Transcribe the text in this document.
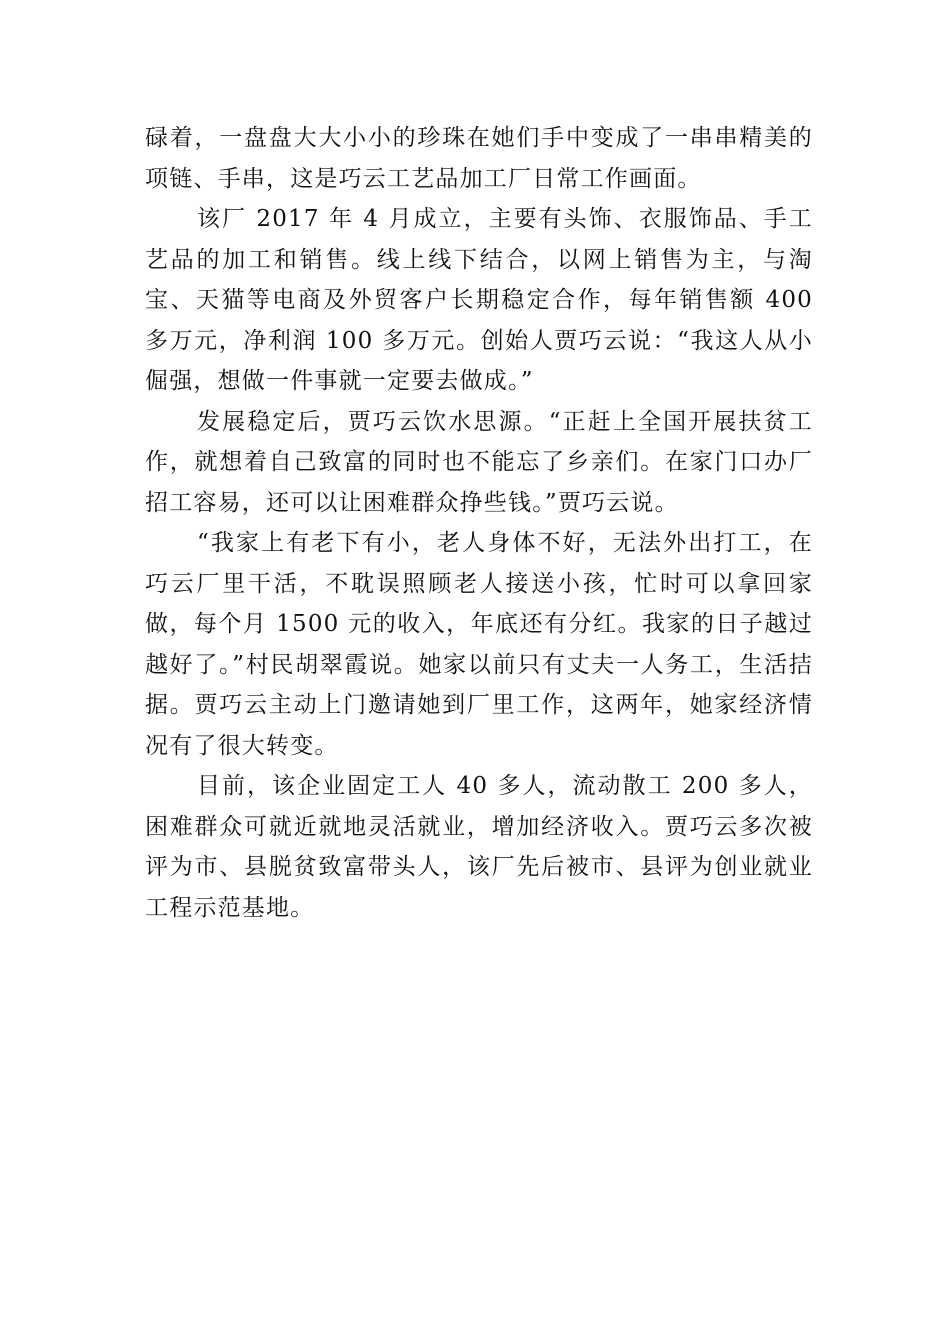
碌着，一盘盘大大小小的珍珠在她们手中变成了一串串精美的项链、手串，这是巧云工艺品加工厂日常工作画面。

该厂 2017 年 4 月成立，主要有头饰、衣服饰品、手工艺品的加工和销售。线上线下结合，以网上销售为主，与淘宝、天猫等电商及外贸客户长期稳定合作，每年销售额 400 多万元，净利润 100 多万元。创始人贾巧云说：“我这人从小倔强，想做一件事就一定要去做成。”

发展稳定后，贾巧云饮水思源。“正赶上全国开展扶贫工作，就想着自己致富的同时也不能忘了乡亲们。在家门口办厂招工容易，还可以让困难群众挣些钱。”贾巧云说。

“我家上有老下有小，老人身体不好，无法外出打工，在巧云厂里干活，不耽误照顾老人接送小孩，忙时可以拿回家做，每个月 1500 元的收入，年底还有分红。我家的日子越过越好了。”村民胡翠霞说。她家以前只有丈夫一人务工，生活拮据。贾巧云主动上门邀请她到厂里工作，这两年，她家经济情况有了很大转变。

目前，该企业固定工人 40 多人，流动散工 200 多人，困难群众可就近就地灵活就业，增加经济收入。贾巧云多次被评为市、县脱贫致富带头人，该厂先后被市、县评为创业就业工程示范基地。
